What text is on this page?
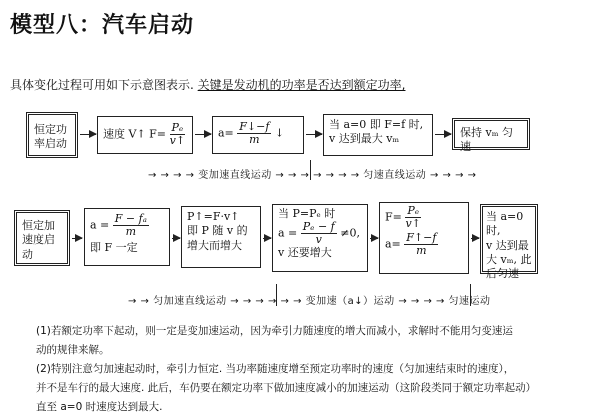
模型八：汽车启动
具体变化过程可用如下示意图表示. 关键是发动机的功率是否达到额定功率,
恒定功率启动
速度 V↑ $F= \frac{\text{Pₑ}}{v↑}$	$a= \frac{F↓-f}{m}$ ↓
当 a=0 即 F=f 时,
v 达到最大 vₘ	保持 vₘ 匀速
→ → → → 变加速直线运动 → → → → → → → 匀速直线运动 → → → →
恒定加速度启动
$a = \frac{\text{F − fₐ}}{m}$
即 F 一定
P↑=F·v↑
即 P 随 v 的
增大而增大
当 P=Pₑ 时
$a = \frac{\text{Pₑ − f}}{v} \ne 0$,
v 还要增大
$F= \frac{\text{Pₑ}}{v↑}$
$a= \frac{F↑-f}{m}$
当 a=0 时,
v 达到最
大 vₘ, 此
后匀速
→ → 匀加速直线运动 → → → → → → 变加速（a↓）运动 → → → → 匀速运动

(1)若额定功率下起动，则一定是变加速运动，因为牵引力随速度的增大而减小，求解时不能用匀变速运

动的规律来解。

(2)特别注意匀加速起动时，牵引力恒定. 当功率随速度增至预定功率时的速度（匀加速结束时的速度），

并不是车行的最大速度. 此后，车仍要在额定功率下做加速度减小的加速运动（这阶段类同于额定功率起动）

直至 a=0 时速度达到最大.
